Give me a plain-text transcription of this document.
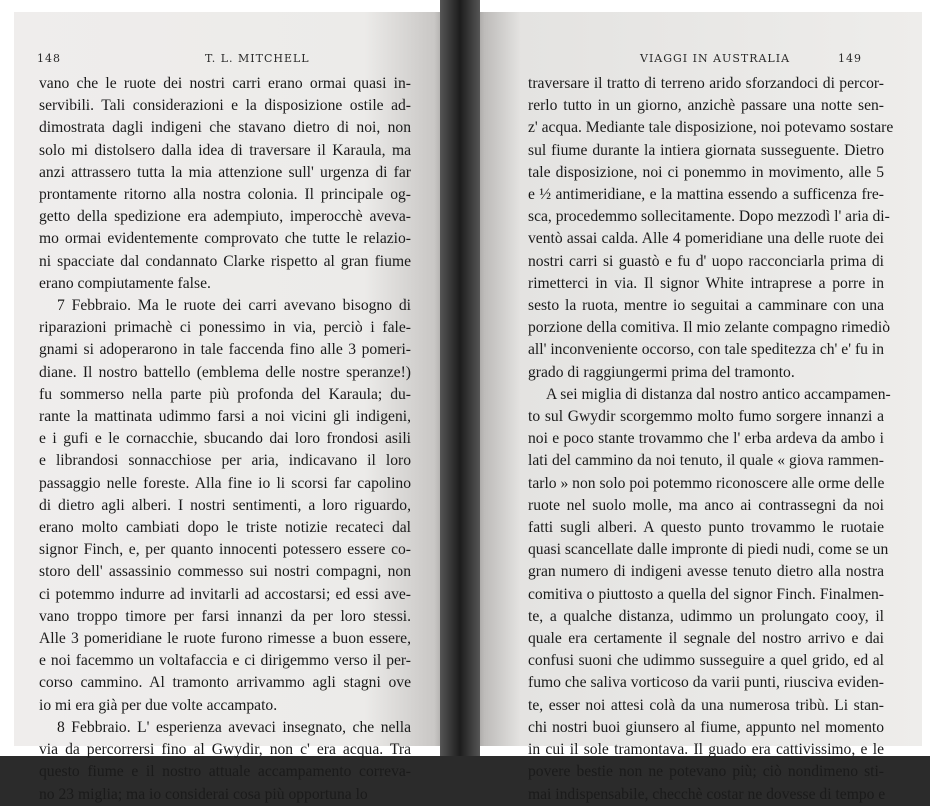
148	T. L. MITCHELL	VIAGGI IN AUSTRALIA	149
vano che le ruote dei nostri carri erano ormai quasi in-
servibili. Tali considerazioni e la disposizione ostile ad-
dimostrata dagli indigeni che stavano dietro di noi, non
solo mi distolsero dalla idea di traversare il Karaula, ma
anzi attrassero tutta la mia attenzione sull' urgenza di far
prontamente ritorno alla nostra colonia. Il principale og-
getto della spedizione era adempiuto, imperocchè aveva-
mo ormai evidentemente comprovato che tutte le relazio-
ni spacciate dal condannato Clarke rispetto al gran fiume
erano compiutamente false.
7 Febbraio. Ma le ruote dei carri avevano bisogno di
riparazioni primachè ci ponessimo in via, perciò i fale-
gnami si adoperarono in tale faccenda fino alle 3 pomeri-
diane. Il nostro battello (emblema delle nostre speranze!)
fu sommerso nella parte più profonda del Karaula; du-
rante la mattinata udimmo farsi a noi vicini gli indigeni,
e i gufi e le cornacchie, sbucando dai loro frondosi asili
e librandosi sonnacchiose per aria, indicavano il loro
passaggio nelle foreste. Alla fine io li scorsi far capolino
di dietro agli alberi. I nostri sentimenti, a loro riguardo,
erano molto cambiati dopo le triste notizie recateci dal
signor Finch, e, per quanto innocenti potessero essere co-
storo dell' assassinio commesso sui nostri compagni, non
ci potemmo indurre ad invitarli ad accostarsi; ed essi ave-
vano troppo timore per farsi innanzi da per loro stessi.
Alle 3 pomeridiane le ruote furono rimesse a buon essere,
e noi facemmo un voltafaccia e ci dirigemmo verso il per-
corso cammino. Al tramonto arrivammo agli stagni ove
io mi era già per due volte accampato.
8 Febbraio. L' esperienza avevaci insegnato, che nella
via da percorrersi fino al Gwydir, non c' era acqua. Tra
questo fiume e il nostro attuale accampamento correva-
no 23 miglia; ma io considerai cosa più opportuna lo
traversare il tratto di terreno arido sforzandoci di percor-
rerlo tutto in un giorno, anzichè passare una notte sen-
z' acqua. Mediante tale disposizione, noi potevamo sostare
sul fiume durante la intiera giornata susseguente. Dietro
tale disposizione, noi ci ponemmo in movimento, alle 5
e ½ antimeridiane, e la mattina essendo a sufficenza fre-
sca, procedemmo sollecitamente. Dopo mezzodì l' aria di-
ventò assai calda. Alle 4 pomeridiane una delle ruote dei
nostri carri si guastò e fu d' uopo racconciarla prima di
rimetterci in via. Il signor White intraprese a porre in
sesto la ruota, mentre io seguitai a camminare con una
porzione della comitiva. Il mio zelante compagno rimediò
all' inconveniente occorso, con tale speditezza ch' e' fu in
grado di raggiungermi prima del tramonto.
A sei miglia di distanza dal nostro antico accampamen-
to sul Gwydir scorgemmo molto fumo sorgere innanzi a
noi e poco stante trovammo che l' erba ardeva da ambo i
lati del cammino da noi tenuto, il quale « giova rammen-
tarlo » non solo poi potemmo riconoscere alle orme delle
ruote nel suolo molle, ma anco ai contrassegni da noi
fatti sugli alberi. A questo punto trovammo le ruotaie
quasi scancellate dalle impronte di piedi nudi, come se un
gran numero di indigeni avesse tenuto dietro alla nostra
comitiva o piuttosto a quella del signor Finch. Finalmen-
te, a qualche distanza, udimmo un prolungato cooy, il
quale era certamente il segnale del nostro arrivo e dai
confusi suoni che udimmo susseguire a quel grido, ed al
fumo che saliva vorticoso da varii punti, riusciva eviden-
te, esser noi attesi colà da una numerosa tribù. Li stan-
chi nostri buoi giunsero al fiume, appunto nel momento
in cui il sole tramontava. Il guado era cattivissimo, e le
povere bestie non ne potevano più; ciò nondimeno sti-
mai indispensabile, checchè costar ne dovesse di tempo e
